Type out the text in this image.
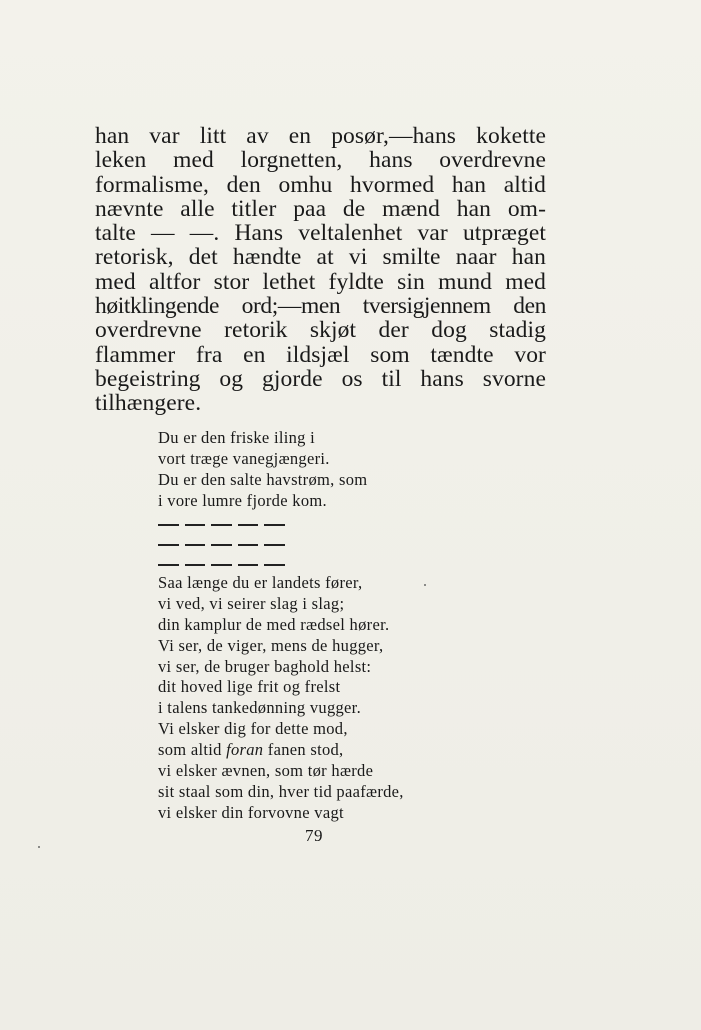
han var litt av en posør,—hans kokette
leken med lorgnetten, hans overdrevne
formalisme, den omhu hvormed han altid
nævnte alle titler paa de mænd han om-
talte — —. Hans veltalenhet var utpræget
retorisk, det hændte at vi smilte naar han
med altfor stor lethet fyldte sin mund med
høitklingende ord;—men tversigjennem den
overdrevne retorik skjøt der dog stadig
flammer fra en ildsjæl som tændte vor
begeistring og gjorde os til hans svorne
tilhængere.
Du er den friske iling i
vort træge vanegjængeri.
Du er den salte havstrøm, som
i vore lumre fjorde kom.
Saa længe du er landets fører,
vi ved, vi seirer slag i slag;
din kamplur de med rædsel hører.
Vi ser, de viger, mens de hugger,
vi ser, de bruger baghold helst:
dit hoved lige frit og frelst
i talens tankedønning vugger.
Vi elsker dig for dette mod,
som altid foran fanen stod,
vi elsker ævnen, som tør hærde
sit staal som din, hver tid paafærde,
vi elsker din forvovne vagt
79
